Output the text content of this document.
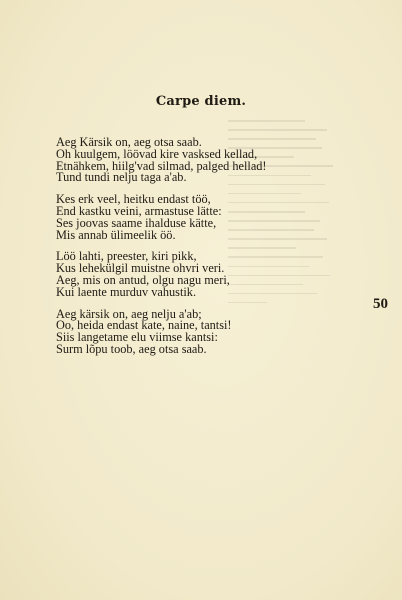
Carpe diem.
Aeg Kärsik on, aeg otsa saab.
Oh kuulgem, löövad kire vasksed kellad,
Etnähkem, hiilg'vad silmad, palged hellad!
Tund tundi nelju taga a'ab.
Kes erk veel, heitku endast töö,
End kastku veini, armastuse lätte:
Ses joovas saame ihalduse kätte,
Mis annab ülimeelik öö.
Löö lahti, preester, kiri pikk,
Kus lehekülgil muistne ohvri veri.
Aeg, mis on antud, olgu nagu meri,
Kui laente murduv vahustik.
Aeg kärsik on, aeg nelju a'ab;
Oo, heida endast kate, naine, tantsi!
Siis langetame elu viimse kantsi:
Surm lõpu toob, aeg otsa saab.
50
